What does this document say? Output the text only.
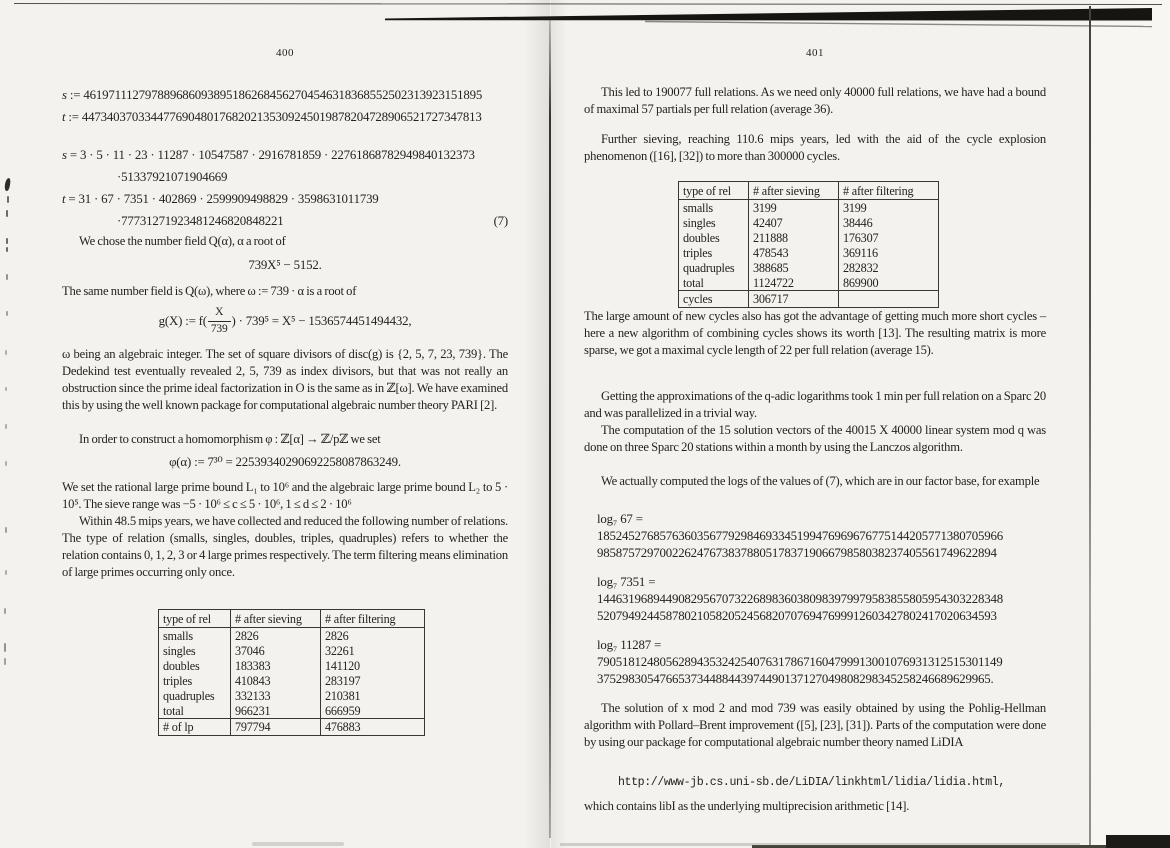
400

s := 4619711127978896860938951862684562704546318368552502313923151895

t := 4473403703344776904801768202135309245019878204728906521727347813

s = 3 · 5 · 11 · 23 · 11287 · 10547587 · 2916781859 · 22761868782949840132373

·51337921071904669

t = 31 · 67 · 7351 · 402869 · 2599909498829 · 3598631011739

·77731271923481246820848221	(7)

We chose the number field Q(α), α a root of

739X⁵ − 5152.

The same number field is Q(ω), where ω := 739 · α is a root of

g(X) := $f( \frac{X}{739}$ ) · 739⁵ = X⁵ − 1536574451494432,

ω being an algebraic integer. The set of square divisors of disc(g) is {2, 5, 7, 23, 739}. The Dedekind test eventually revealed 2, 5, 739 as index divisors, but that was not really an obstruction since the prime ideal factorization in O is the same as in ℤ[ω]. We have examined this by using the well known package for computational algebraic number theory PARI [2].

In order to construct a homomorphism φ : ℤ[α] → ℤ/pℤ we set

φ(α) := 7³⁰ = 22539340290692258087863249.

We set the rational large prime bound L₁ to 10⁶ and the algebraic large prime bound L₂ to 5 · 10⁵. The sieve range was −5 · 10⁶ ≤ c ≤ 5 · 10⁶, 1 ≤ d ≤ 2 · 10⁶

Within 48.5 mips years, we have collected and reduced the following number of relations. The type of relation (smalls, singles, doubles, triples, quadruples) refers to whether the relation contains 0, 1, 2, 3 or 4 large primes respectively. The term filtering means elimination of large primes occurring only once.

type of rel	# after sieving	# after filtering
smalls	2826	2826
singles	37046	32261
doubles	183383	141120
triples	410843	283197
quadruples	332133	210381
total	966231	666959
# of lp	797794	476883
401

This led to 190077 full relations. As we need only 40000 full relations, we have had a bound of maximal 57 partials per full relation (average 36).

Further sieving, reaching 110.6 mips years, led with the aid of the cycle explosion phenomenon ([16], [32]) to more than 300000 cycles.

type of rel	# after sieving	# after filtering
smalls	3199	3199
singles	42407	38446
doubles	211888	176307
triples	478543	369116
quadruples	388685	282832
total	1124722	869900
cycles	306717	

The large amount of new cycles also has got the advantage of getting much more short cycles – here a new algorithm of combining cycles shows its worth [13]. The resulting matrix is more sparse, we got a maximal cycle length of 22 per full relation (average 15).

Getting the approximations of the q-adic logarithms took 1 min per full relation on a Sparc 20 and was parallelized in a trivial way.

The computation of the 15 solution vectors of the 40015 X 40000 linear system mod q was done on three Sparc 20 stations within a month by using the Lanczos algorithm.

We actually computed the logs of the values of (7), which are in our factor base, for example

log₇ 67 =

18524527685763603567792984693345199476969676775144205771380705966

9858757297002262476738378805178371906679858038237405561749622894

log₇ 7351 =

14463196894490829567073226898360380983979979583855805954303228348

5207949244587802105820524568207076947699912603427802417020634593

log₇ 11287 =

79051812480562894353242540763178671604799913001076931312515301149

375298305476653734488443974490137127049808298345258246689629965.

The solution of x mod 2 and mod 739 was easily obtained by using the Pohlig-Hellman algorithm with Pollard–Brent improvement ([5], [23], [31]). Parts of the computation were done by using our package for computational algebraic number theory named LiDIA

http://www-jb.cs.uni-sb.de/LiDIA/linkhtml/lidia/lidia.html,

which contains libI as the underlying multiprecision arithmetic [14].
